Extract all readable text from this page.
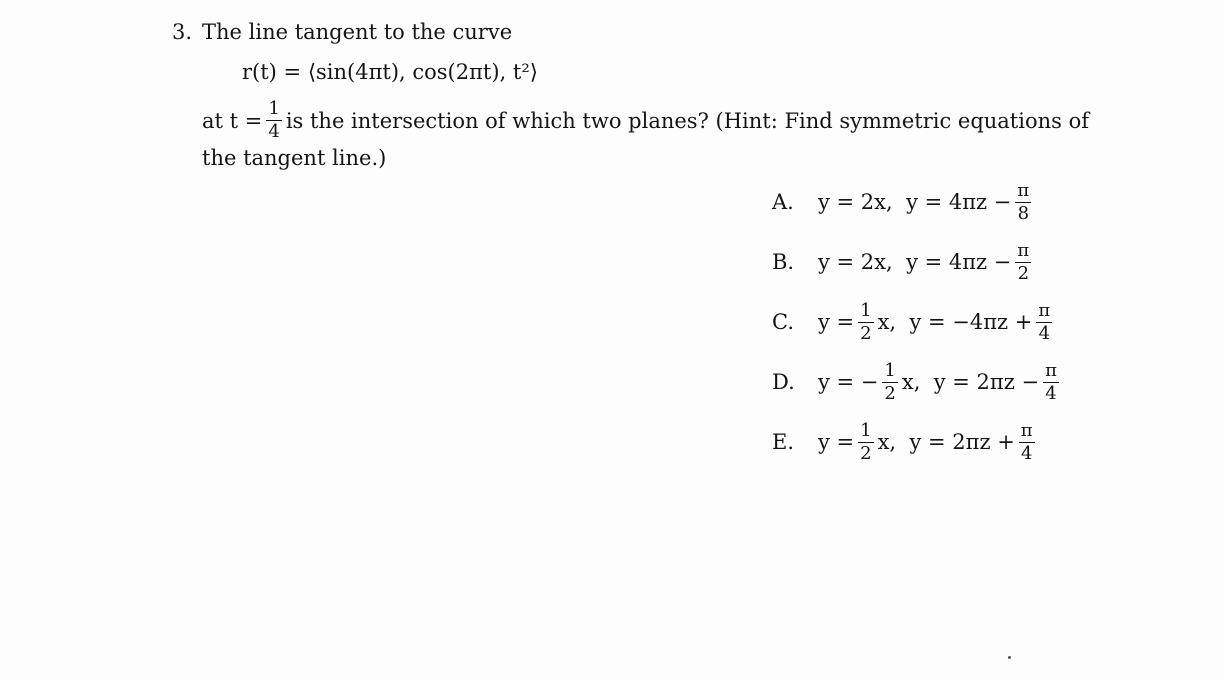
3. The line tangent to the curve
r(t) = ⟨sin(4πt), cos(2πt), t²⟩
at $t = \frac{1}{4}$ is the intersection of which two planes? (Hint: Find symmetric equations of
the tangent line.)
A.	y = 2x,
$y = 4\pi z - \frac{\pi}{8}$
B.	y = 2x,
$y = 4\pi z - \frac{\pi}{2}$
C.	$y = \frac{1}{2} x$,
$y = -4\pi z + \frac{\pi}{4}$
D.	y = − $\frac{1}{2} x$,
$y = 2\pi z - \frac{\pi}{4}$
E.	$y = \frac{1}{2} x$,
$y = 2\pi z + \frac{\pi}{4}$
